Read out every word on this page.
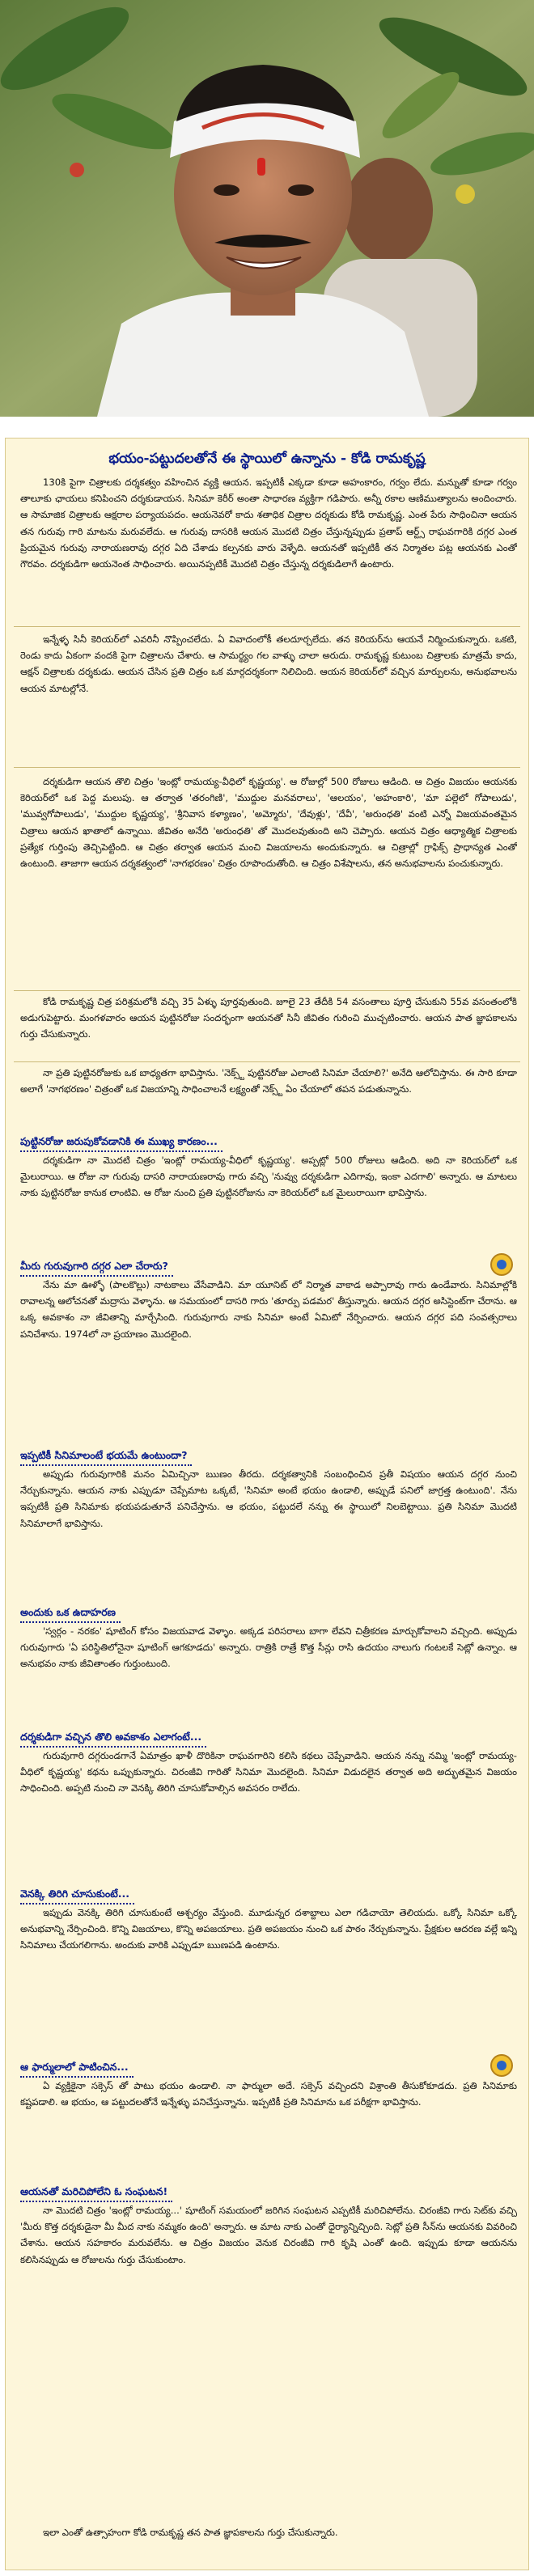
భయం-పట్టుదలతోనే ఈ స్థాయిలో ఉన్నాను - కోడి రామకృష్ణ

130కి పైగా చిత్రాలకు దర్శకత్వం వహించిన వ్యక్తి ఆయన. ఇప్పటికీ ఎక్కడా కూడా అహంకారం, గర్వం లేదు. మన్నుతో కూడా గర్వం తాలూకు ఛాయలు కనిపించని దర్శకుడాయన. సినిమా కెరీర్ అంతా సాధారణ వ్యక్తిగా గడిపారు. అన్నీ రకాల ఆణిముత్యాలను అందించారు. ఆ సామాజిక చిత్రాలకు ఆక్షరాల పర్యాయపదం. ఆయనెవరో కాదు శతాధిక చిత్రాల దర్శకుడు కోడి రామకృష్ణ. ఎంత పేరు సాధించినా ఆయన తన గురువు గారి మాటను మరువలేదు. ఆ గురువు దాసరికి ఆయన మొదటి చిత్రం చేస్తున్నప్పుడు ప్రతాప్ ఆర్ట్స్ రాఘవగారికి దగ్గర ఎంత ప్రియమైన గురువు నారాయణరావు దగ్గర ఏది చేశాడు కల్పనకు వారు వెళ్ళేది. ఆయనతో ఇప్పటికీ తన నిర్మాతల పట్ల ఆయనకు ఎంతో గౌరవం. దర్శకుడిగా ఆయనెంత సాధించారు. అయినప్పటికీ మొదటి చిత్రం చేస్తున్న దర్శకుడిలాగే ఉంటారు.

ఇన్నేళ్ళ సినీ కెరియర్‌లో ఎవరినీ నొప్పించలేదు. ఏ వివాదంలోకీ తలదూర్చలేదు. తన కెరియర్‌ను ఆయనే నిర్మించుకున్నారు. ఒకటి, రెండు కాదు ఏకంగా వందకి పైగా చిత్రాలను చేశారు. ఆ సామర్థ్యం గల వాళ్ళు చాలా అరుదు. రామకృష్ణ కుటుంబ చిత్రాలకు మాత్రమే కాదు, ఆక్షన్ చిత్రాలకు దర్శకుడు. ఆయన చేసిన ప్రతి చిత్రం ఒక మార్గదర్శకంగా నిలిచింది. ఆయన కెరియర్‌లో వచ్చిన మార్పులను, అనుభవాలను ఆయన మాటల్లోనే.

దర్శకుడిగా ఆయన తొలి చిత్రం 'ఇంట్లో రామయ్య-వీధిలో కృష్ణయ్య'. ఆ రోజుల్లో 500 రోజులు ఆడింది. ఆ చిత్రం విజయం ఆయనకు కెరియర్‌లో ఒక పెద్ద మలుపు. ఆ తర్వాత 'తరంగిణి', 'ముద్దుల మనవరాలు', 'ఆలయం', 'అహంకారి', 'మా పల్లెలో గోపాలుడు', 'మువ్వగోపాలుడు', 'ముద్దుల కృష్ణయ్య', 'శ్రీనివాస కళ్యాణం', 'అమ్మోరు', 'దేవుళ్లు', 'దేవీ', 'అరుంధతి' వంటి ఎన్నో విజయవంతమైన చిత్రాలు ఆయన ఖాతాలో ఉన్నాయి. జీవితం అనేది 'అరుంధతి' తో మొదలవుతుంది అని చెప్పారు. ఆయన చిత్రం ఆధ్యాత్మిక చిత్రాలకు ప్రత్యేక గుర్తింపు తెచ్చిపెట్టింది. ఆ చిత్రం తర్వాత ఆయన మంచి విజయాలను అందుకున్నారు. ఆ చిత్రాల్లో గ్రాఫిక్స్ ప్రాధాన్యత ఎంతో ఉంటుంది. తాజాగా ఆయన దర్శకత్వంలో 'నాగభరణం' చిత్రం రూపొందుతోంది. ఆ చిత్రం విశేషాలను, తన అనుభవాలను పంచుకున్నారు.

కోడి రామకృష్ణ చిత్ర పరిశ్రమలోకి వచ్చి 35 ఏళ్ళు పూర్తవుతుంది. జూలై 23 తేదీకి 54 వసంతాలు పూర్తి చేసుకుని 55వ వసంతంలోకి అడుగుపెట్టారు. మంగళవారం ఆయన పుట్టినరోజు సందర్భంగా ఆయనతో సినీ జీవితం గురించి ముచ్చటించారు. ఆయన పాత జ్ఞాపకాలను గుర్తు చేసుకున్నారు.

నా ప్రతి పుట్టినరోజుకు ఒక బాధ్యతగా భావిస్తాను. 'నెక్స్ట్ పుట్టినరోజు ఎలాంటి సినిమా చేయాలి?' అనేది ఆలోచిస్తాను. ఈ సారి కూడా అలాగే 'నాగభరణం' చిత్రంతో ఒక విజయాన్ని సాధించాలనే లక్ష్యంతో నెక్స్ట్ ఏం చేయాలో తపన పడుతున్నాను.

పుట్టినరోజు జరుపుకోవడానికి ఈ ముఖ్య కారణం...

దర్శకుడిగా నా మొదటి చిత్రం 'ఇంట్లో రామయ్య-వీధిలో కృష్ణయ్య'. అప్పట్లో 500 రోజులు ఆడింది. అది నా కెరియర్‌లో ఒక మైలురాయి. ఆ రోజు నా గురువు దాసరి నారాయణరావు గారు వచ్చి 'నువ్వు దర్శకుడిగా ఎదిగావు, ఇంకా ఎదగాలి' అన్నారు. ఆ మాటలు నాకు పుట్టినరోజు కానుక లాంటివి. ఆ రోజు నుంచి ప్రతి పుట్టినరోజును నా కెరియర్‌లో ఒక మైలురాయిగా భావిస్తాను.

మీరు గురువుగారి దగ్గర ఎలా చేరారు?

నేను మా ఊళ్ళో (పాలకొల్లు) నాటకాలు వేసేవాడిని. మా యూనిట్ లో నిర్మాత వాకాడ అప్పారావు గారు ఉండేవారు. సినిమాల్లోకి రావాలన్న ఆలోచనతో మద్రాసు వెళ్ళాను. ఆ సమయంలో దాసరి గారు 'తూర్పు పడమర' తీస్తున్నారు. ఆయన దగ్గర అసిస్టెంట్‌గా చేరాను. ఆ ఒక్క అవకాశం నా జీవితాన్ని మార్చేసింది. గురువుగారు నాకు సినిమా అంటే ఏమిటో నేర్పించారు. ఆయన దగ్గర పది సంవత్సరాలు పనిచేశాను. 1974లో నా ప్రయాణం మొదలైంది.

ఇప్పటికీ సినిమాలంటే భయమే ఉంటుందా?

అప్పుడు గురువుగారికి మనం ఏమిచ్చినా ఋణం తీరదు. దర్శకత్వానికి సంబంధించిన ప్రతీ విషయం ఆయన దగ్గర నుంచి నేర్చుకున్నాను. ఆయన నాకు ఎప్పుడూ చెప్పేమాట ఒక్కటే, 'సినిమా అంటే భయం ఉండాలి, అప్పుడే పనిలో జాగ్రత్త ఉంటుంది'. నేను ఇప్పటికీ ప్రతి సినిమాకు భయపడుతూనే పనిచేస్తాను. ఆ భయం, పట్టుదలే నన్ను ఈ స్థాయిలో నిలబెట్టాయి. ప్రతి సినిమా మొదటి సినిమాలాగే భావిస్తాను.

అందుకు ఒక ఉదాహరణ

'స్వర్గం - నరకం' షూటింగ్ కోసం విజయవాడ వెళ్ళాం. అక్కడ పరిసరాలు బాగా లేవని చిత్రీకరణ మార్చుకోవాలని వచ్చింది. అప్పుడు గురువుగారు 'ఏ పరిస్థితిలోనైనా షూటింగ్ ఆగకూడదు' అన్నారు. రాత్రికి రాత్రే కొత్త సీన్లు రాసి ఉదయం నాలుగు గంటలకే సెట్లో ఉన్నాం. ఆ అనుభవం నాకు జీవితాంతం గుర్తుంటుంది.

దర్శకుడిగా వచ్చిన తొలి అవకాశం ఎలాగంటే...

గురువుగారి దగ్గరుండగానే ఏమాత్రం ఖాళీ దొరికినా రాఘవగారిని కలిసి కథలు చెప్పేవాడిని. ఆయన నన్ను నమ్మి 'ఇంట్లో రామయ్య-వీధిలో కృష్ణయ్య' కథను ఒప్పుకున్నారు. చిరంజీవి గారితో సినిమా మొదలైంది. సినిమా విడుదలైన తర్వాత అది అద్భుతమైన విజయం సాధించింది. అప్పటి నుంచి నా వెనక్కి తిరిగి చూసుకోవాల్సిన అవసరం రాలేదు.

వెనక్కి తిరిగి చూసుకుంటే...

ఇప్పుడు వెనక్కి తిరిగి చూసుకుంటే ఆశ్చర్యం వేస్తుంది. మూడున్నర దశాబ్దాలు ఎలా గడిచాయో తెలియదు. ఒక్కో సినిమా ఒక్కో అనుభవాన్ని నేర్పించింది. కొన్ని విజయాలు, కొన్ని అపజయాలు. ప్రతి అపజయం నుంచి ఒక పాఠం నేర్చుకున్నాను. ప్రేక్షకుల ఆదరణ వల్లే ఇన్ని సినిమాలు చేయగలిగాను. అందుకు వారికి ఎప్పుడూ ఋణపడి ఉంటాను.

ఆ ఫార్ములాలో పాటించిన...

ఏ వ్యక్తికైనా సక్సెస్ తో పాటు భయం ఉండాలి. నా ఫార్ములా అదే. సక్సెస్ వచ్చిందని విశ్రాంతి తీసుకోకూడదు. ప్రతి సినిమాకు కష్టపడాలి. ఆ భయం, ఆ పట్టుదలతోనే ఇన్నేళ్ళు పనిచేస్తున్నాను. ఇప్పటికీ ప్రతి సినిమాను ఒక పరీక్షగా భావిస్తాను.

ఆయనతో మరిచిపోలేని ఓ సంఘటన!

నా మొదటి చిత్రం 'ఇంట్లో రామయ్య...' షూటింగ్ సమయంలో జరిగిన సంఘటన ఎప్పటికీ మరిచిపోలేను. చిరంజీవి గారు సెట్‌కు వచ్చి 'మీరు కొత్త దర్శకుడైనా మీ మీద నాకు నమ్మకం ఉంది' అన్నారు. ఆ మాట నాకు ఎంతో ధైర్యాన్నిచ్చింది. సెట్లో ప్రతి సీన్‌ను ఆయనకు వివరించి చేశాను. ఆయన సహకారం మరువలేను. ఆ చిత్రం విజయం వెనుక చిరంజీవి గారి కృషి ఎంతో ఉంది. ఇప్పుడు కూడా ఆయనను కలిసినప్పుడు ఆ రోజులను గుర్తు చేసుకుంటాం.

ఇలా ఎంతో ఉత్సాహంగా కోడి రామకృష్ణ తన పాత జ్ఞాపకాలను గుర్తు చేసుకున్నారు.
